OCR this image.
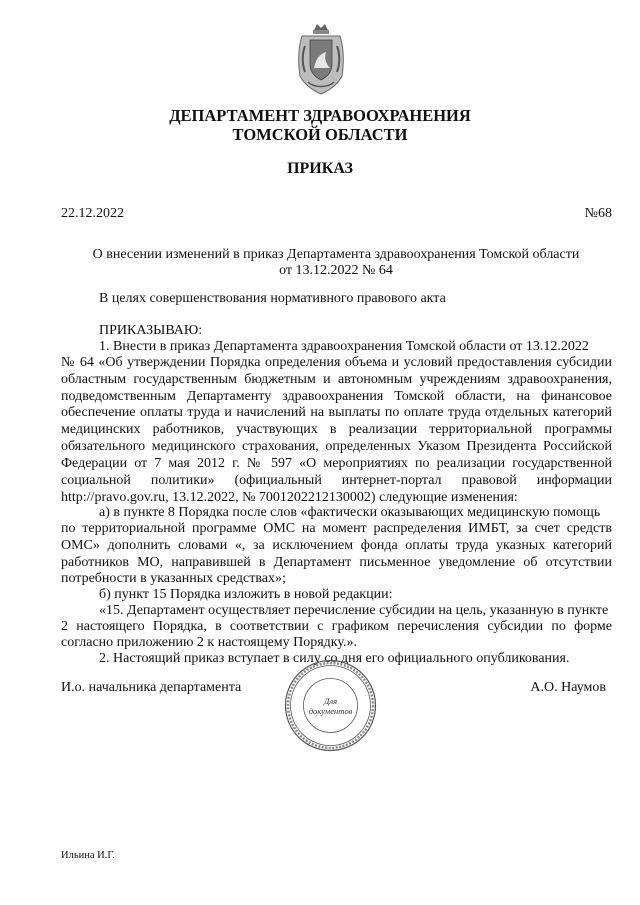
ДЕПАРТАМЕНТ ЗДРАВООХРАНЕНИЯ
ТОМСКОЙ ОБЛАСТИ
ПРИКАЗ
22.12.2022	№68
О внесении изменений в приказ Департамента здравоохранения Томской области
от 13.12.2022 № 64
В целях совершенствования нормативного правового акта
ПРИКАЗЫВАЮ:
1. Внести в приказ Департамента здравоохранения Томской области от 13.12.2022
№ 64 «Об утверждении Порядка определения объема и условий предоставления субсидии областным государственным бюджетным и автономным учреждениям здравоохранения, подведомственным Департаменту здравоохранения Томской области, на финансовое обеспечение оплаты труда и начислений на выплаты по оплате труда отдельных категорий медицинских работников, участвующих в реализации территориальной программы обязательного медицинского страхования, определенных Указом Президента Российской Федерации от 7 мая 2012 г. № 597 «О мероприятиях по реализации государственной социальной политики» (официальный интернет-портал правовой информации
http://pravo.gov.ru, 13.12.2022, № 7001202212130002) следующие изменения:
а) в пункте 8 Порядка после слов «фактически оказывающих медицинскую помощь
по территориальной программе ОМС на момент распределения ИМБТ, за счет средств ОМС» дополнить словами «, за исключением фонда оплаты труда указных категорий работников МО, направившей в Департамент письменное уведомление об отсутствии
потребности в указанных средствах»;
б) пункт 15 Порядка изложить в новой редакции:
«15. Департамент осуществляет перечисление субсидии на цель, указанную в пункте
2 настоящего Порядка, в соответствии с графиком перечисления субсидии по форме
согласно приложению 2 к настоящему Порядку.».
2. Настоящий приказ вступает в силу со дня его официального опубликования.
И.о. начальника департамента
Для
документов
А.О. Наумов
Ильина И.Г.
